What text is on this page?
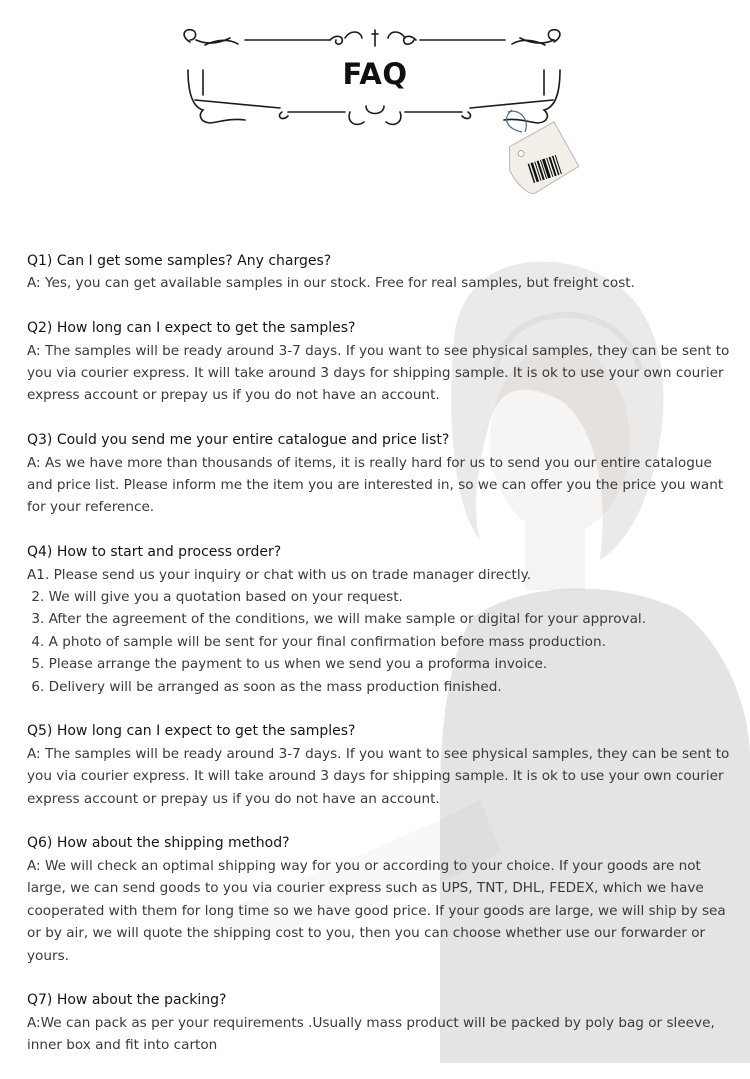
FAQ

Q1) Can I get some samples? Any charges?

A: Yes, you can get available samples in our stock. Free for real samples, but freight cost.

Q2) How long can I expect to get the samples?

A: The samples will be ready around 3-7 days. If you want to see physical samples, they can be sent to you via courier express. It will take around 3 days for shipping sample. It is ok to use your own courier express account or prepay us if you do not have an account.

Q3) Could you send me your entire catalogue and price list?

A: As we have more than thousands of items, it is really hard for us to send you our entire catalogue and price list. Please inform me the item you are interested in, so we can offer you the price you want for your reference.

Q4) How to start and process order?

A1. Please send us your inquiry or chat with us on trade manager directly.

2. We will give you a quotation based on your request.

3. After the agreement of the conditions, we will make sample or digital for your approval.

4. A photo of sample will be sent for your final confirmation before mass production.

5. Please arrange the payment to us when we send you a proforma invoice.

6. Delivery will be arranged as soon as the mass production finished.

Q5) How long can I expect to get the samples?

A: The samples will be ready around 3-7 days. If you want to see physical samples, they can be sent to you via courier express. It will take around 3 days for shipping sample. It is ok to use your own courier express account or prepay us if you do not have an account.

Q6) How about the shipping method?

A: We will check an optimal shipping way for you or according to your choice. If your goods are not large, we can send goods to you via courier express such as UPS, TNT, DHL, FEDEX, which we have cooperated with them for long time so we have good price. If your goods are large, we will ship by sea or by air, we will quote the shipping cost to you, then you can choose whether use our forwarder or yours.

Q7) How about the packing?

A:We can pack as per your requirements .Usually mass product will be packed by poly bag or sleeve, inner box and fit into carton
